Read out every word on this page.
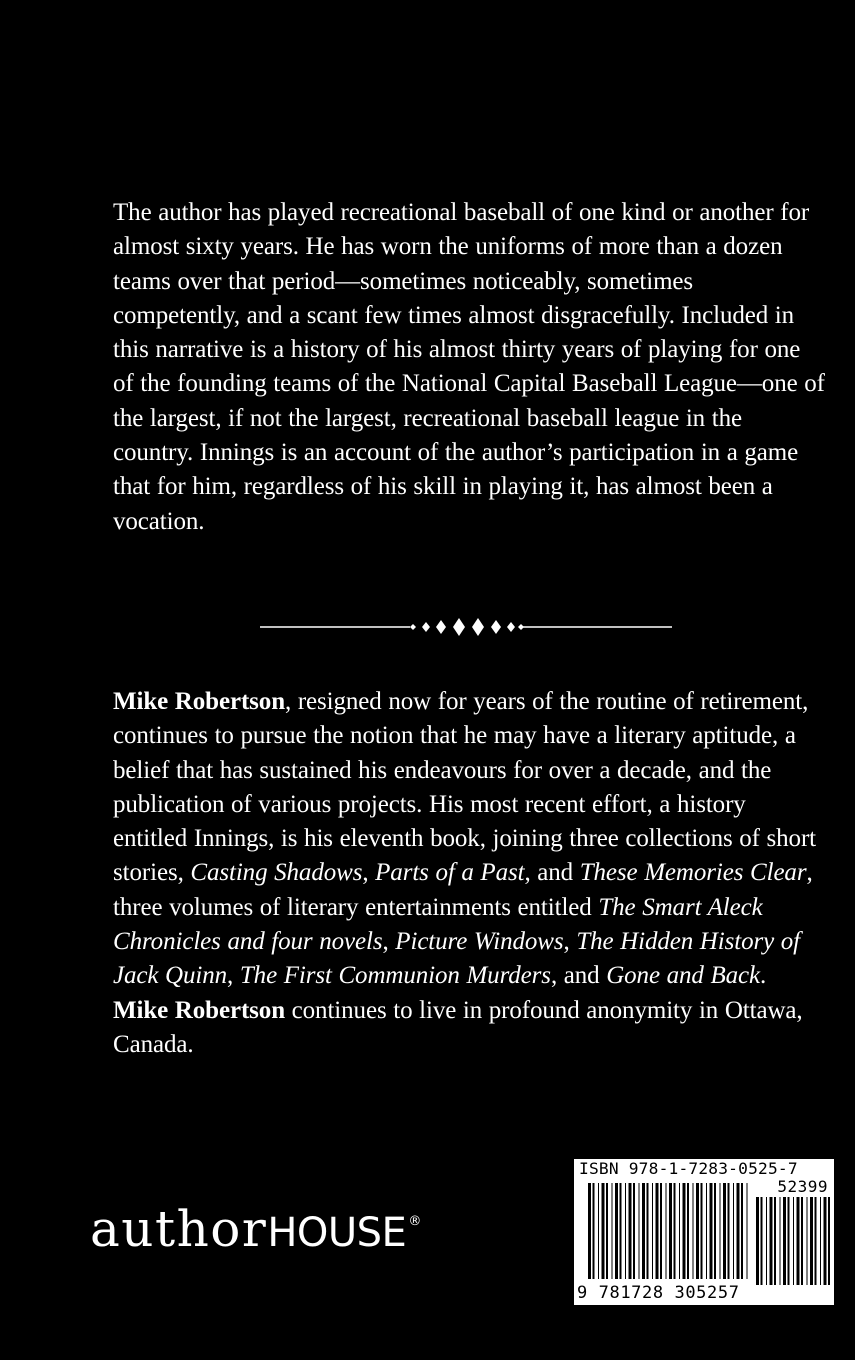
The author has played recreational baseball of one kind or another for almost sixty years. He has worn the uniforms of more than a dozen teams over that period—sometimes noticeably, sometimes competently, and a scant few times almost disgracefully. Included in this narrative is a history of his almost thirty years of playing for one of the founding teams of the National Capital Baseball League—one of the largest, if not the largest, recreational baseball league in the country. Innings is an account of the author’s participation in a game that for him, regardless of his skill in playing it, has almost been a vocation.

Mike Robertson, resigned now for years of the routine of retirement, continues to pursue the notion that he may have a literary aptitude, a belief that has sustained his endeavours for over a decade, and the publication of various projects. His most recent effort, a history entitled Innings, is his eleventh book, joining three collections of short stories, Casting Shadows, Parts of a Past, and These Memories Clear, three volumes of literary entertainments entitled The Smart Aleck Chronicles and four novels, Picture Windows, The Hidden History of Jack Quinn, The First Communion Murders, and Gone and Back. Mike Robertson continues to live in profound anonymity in Ottawa, Canada.

author HOUSE ®
ISBN 978-1-7283-0525-7
52399
9 781728 305257
